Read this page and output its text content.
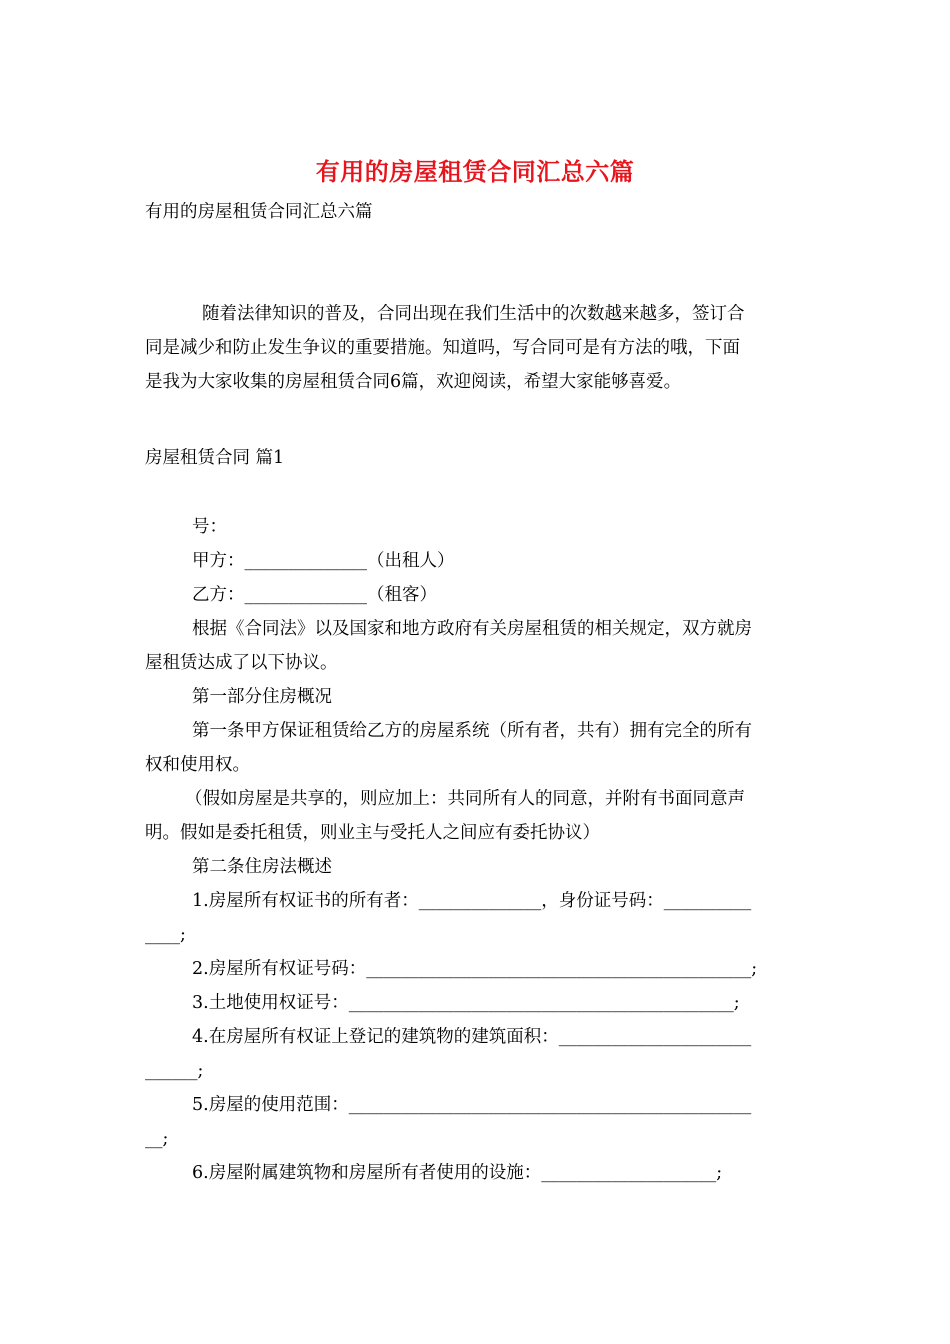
有用的房屋租赁合同汇总六篇
有用的房屋租赁合同汇总六篇
随着法律知识的普及，合同出现在我们生活中的次数越来越多，签订合
同是减少和防止发生争议的重要措施。知道吗，写合同可是有方法的哦，下面
是我为大家收集的房屋租赁合同6篇，欢迎阅读，希望大家能够喜爱。
房屋租赁合同 篇1
号：
甲方：______________（出租人）
乙方：______________（租客）
根据《合同法》以及国家和地方政府有关房屋租赁的相关规定，双方就房
屋租赁达成了以下协议。
第一部分住房概况
第一条甲方保证租赁给乙方的房屋系统（所有者，共有）拥有完全的所有
权和使用权。
（假如房屋是共享的，则应加上：共同所有人的同意，并附有书面同意声
明。假如是委托租赁，则业主与受托人之间应有委托协议）
第二条住房法概述
1.房屋所有权证书的所有者：______________，身份证号码：__________
____;
2.房屋所有权证号码：____________________________________________;
3.土地使用权证号：____________________________________________;
4.在房屋所有权证上登记的建筑物的建筑面积：______________________
______;
5.房屋的使用范围：______________________________________________
__;
6.房屋附属建筑物和房屋所有者使用的设施：____________________;
